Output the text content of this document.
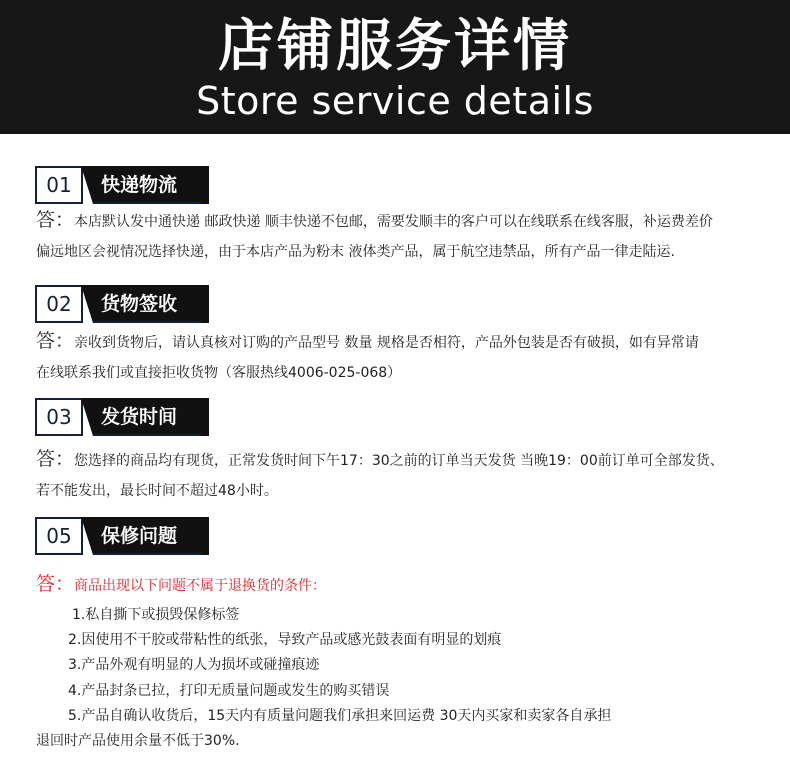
店铺服务详情
Store service details
01	快递物流
答：本店默认发中通快递 邮政快递 顺丰快递不包邮，需要发顺丰的客户可以在线联系在线客服，补运费差价
偏远地区会视情况选择快递，由于本店产品为粉末 液体类产品，属于航空违禁品，所有产品一律走陆运.
02	货物签收
答：亲收到货物后，请认真核对订购的产品型号 数量 规格是否相符，产品外包装是否有破损，如有异常请
在线联系我们或直接拒收货物（客服热线4006-025-068）
03	发货时间
答：您选择的商品均有现货，正常发货时间下午17：30之前的订单当天发货 当晚19：00前订单可全部发货、
若不能发出，最长时间不超过48小时。
05	保修问题
答：商品出现以下问题不属于退换货的条件：
1.私自撕下或损毁保修标签
2.因使用不干胶或带粘性的纸张，导致产品或感光鼓表面有明显的划痕
3.产品外观有明显的人为损坏或碰撞痕迹
4.产品封条已拉，打印无质量问题或发生的购买错误
5.产品自确认收货后，15天内有质量问题我们承担来回运费 30天内买家和卖家各自承担
退回时产品使用余量不低于30%.
